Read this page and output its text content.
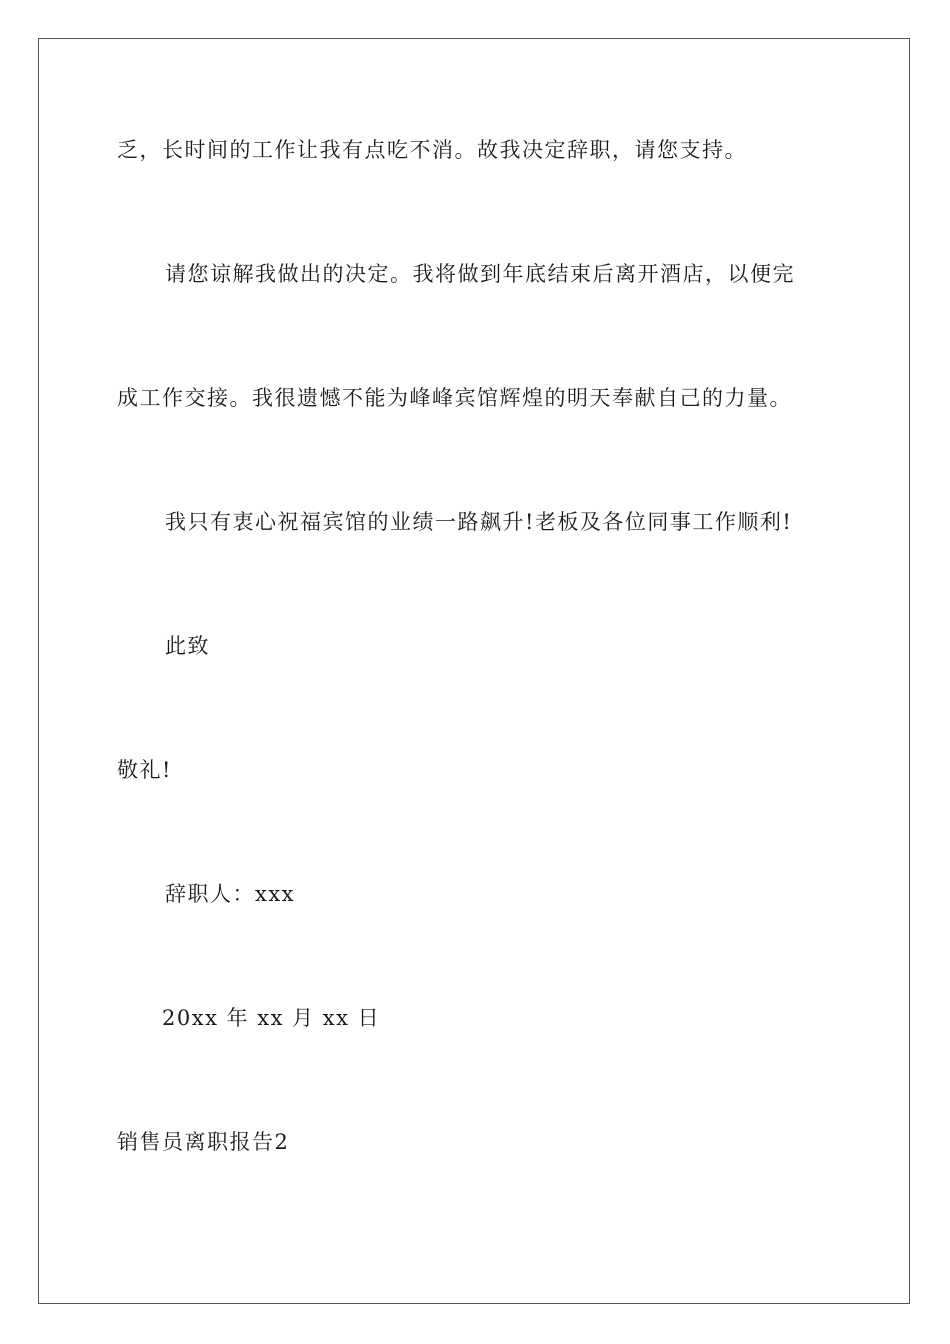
乏，长时间的工作让我有点吃不消。故我决定辞职，请您支持。
请您谅解我做出的决定。我将做到年底结束后离开酒店，以便完
成工作交接。我很遗憾不能为峰峰宾馆辉煌的明天奉献自己的力量。
我只有衷心祝福宾馆的业绩一路飙升!老板及各位同事工作顺利!
此致
敬礼!
辞职人：xxx
20xx 年 xx 月 xx 日
销售员离职报告2
